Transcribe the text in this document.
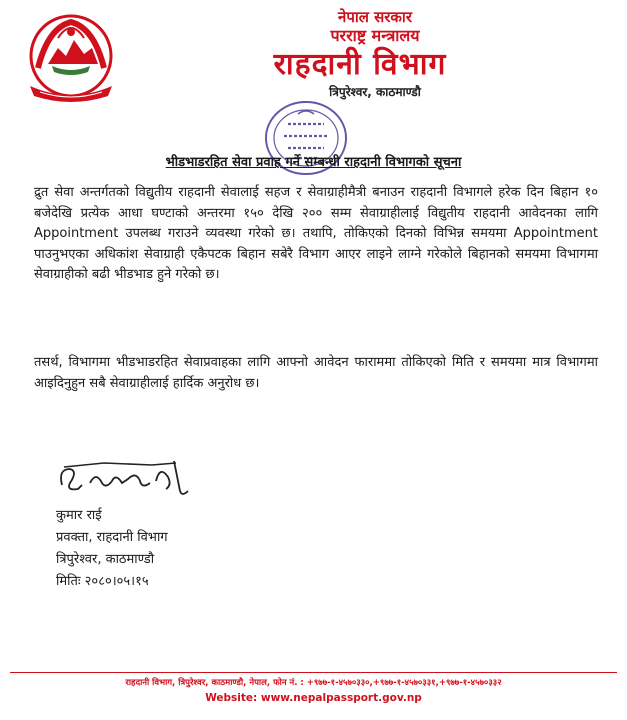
नेपाल सरकार
परराष्ट्र मन्त्रालय
राहदानी विभाग
त्रिपुरेश्वर, काठमाण्डौ
भीडभाडरहित सेवा प्रवाह गर्ने सम्बन्धी राहदानी विभागको सूचना
द्रुत सेवा अन्तर्गतको विद्युतीय राहदानी सेवालाई सहज र सेवाग्राहीमैत्री बनाउन राहदानी विभागले हरेक दिन बिहान १० बजेदेखि प्रत्येक आधा घण्टाको अन्तरमा १५० देखि २०० सम्म सेवाग्राहीलाई विद्युतीय राहदानी आवेदनका लागि Appointment उपलब्ध गराउने व्यवस्था गरेको छ। तथापि, तोकिएको दिनको विभिन्न समयमा Appointment पाउनुभएका अधिकांश सेवाग्राही एकैपटक बिहान सबेरै विभाग आएर लाइने लाग्ने गरेकोले बिहानको समयमा विभागमा सेवाग्राहीको बढी भीडभाड हुने गरेको छ।
तसर्थ, विभागमा भीडभाडरहित सेवाप्रवाहका लागि आफ्नो आवेदन फाराममा तोकिएको मिति र समयमा मात्र विभागमा आइदिनुहुन सबै सेवाग्राहीलाई हार्दिक अनुरोध छ।
कुमार राई
प्रवक्ता, राहदानी विभाग
त्रिपुरेश्वर, काठमाण्डौ
मितिः २०८०।०५।१५
राहदानी विभाग, त्रिपुरेश्वर, काठमाण्डौ, नेपाल, फोन नं. : +९७७-१-४५७०३३०,+९७७-१-४५७०३३१,+९७७-१-४५७०३३२
Website: www.nepalpassport.gov.np
